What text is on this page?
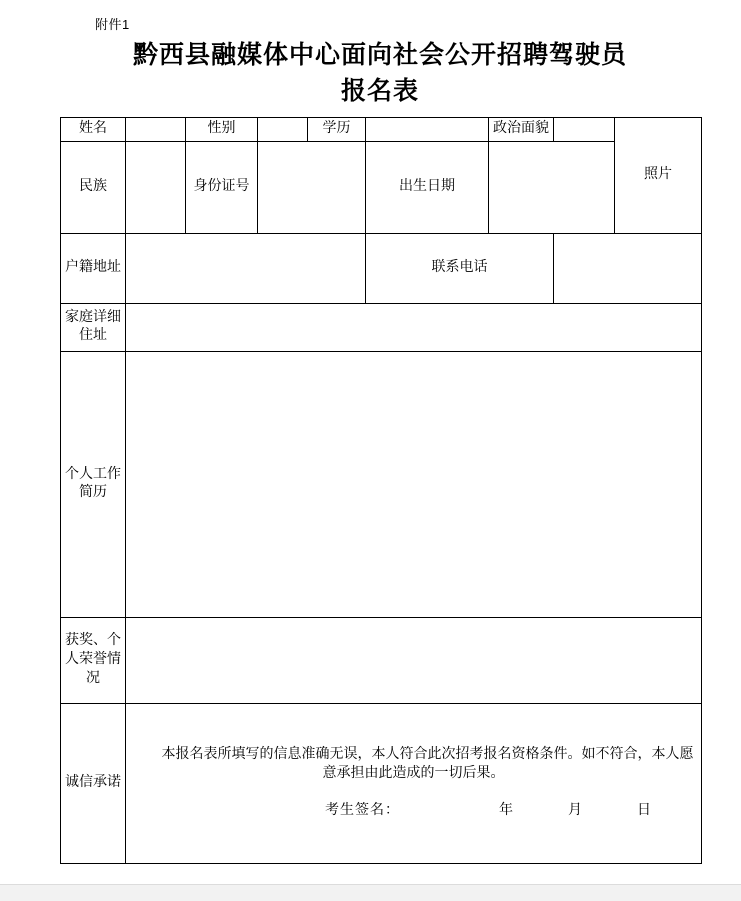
附件1
黔西县融媒体中心面向社会公开招聘驾驶员
报名表
姓名		性别		学历		政治面貌		照片
民族		身份证号			出生日期			
户籍地址					联系电话			
家庭详细住址								
个人工作简历								
获奖、个人荣誉情况								
诚信承诺	本报名表所填写的信息准确无误，本人符合此次招考报名资格条件。如不符合，本人愿意承担由此造成的一切后果。

考生签名： 年 月 日							
